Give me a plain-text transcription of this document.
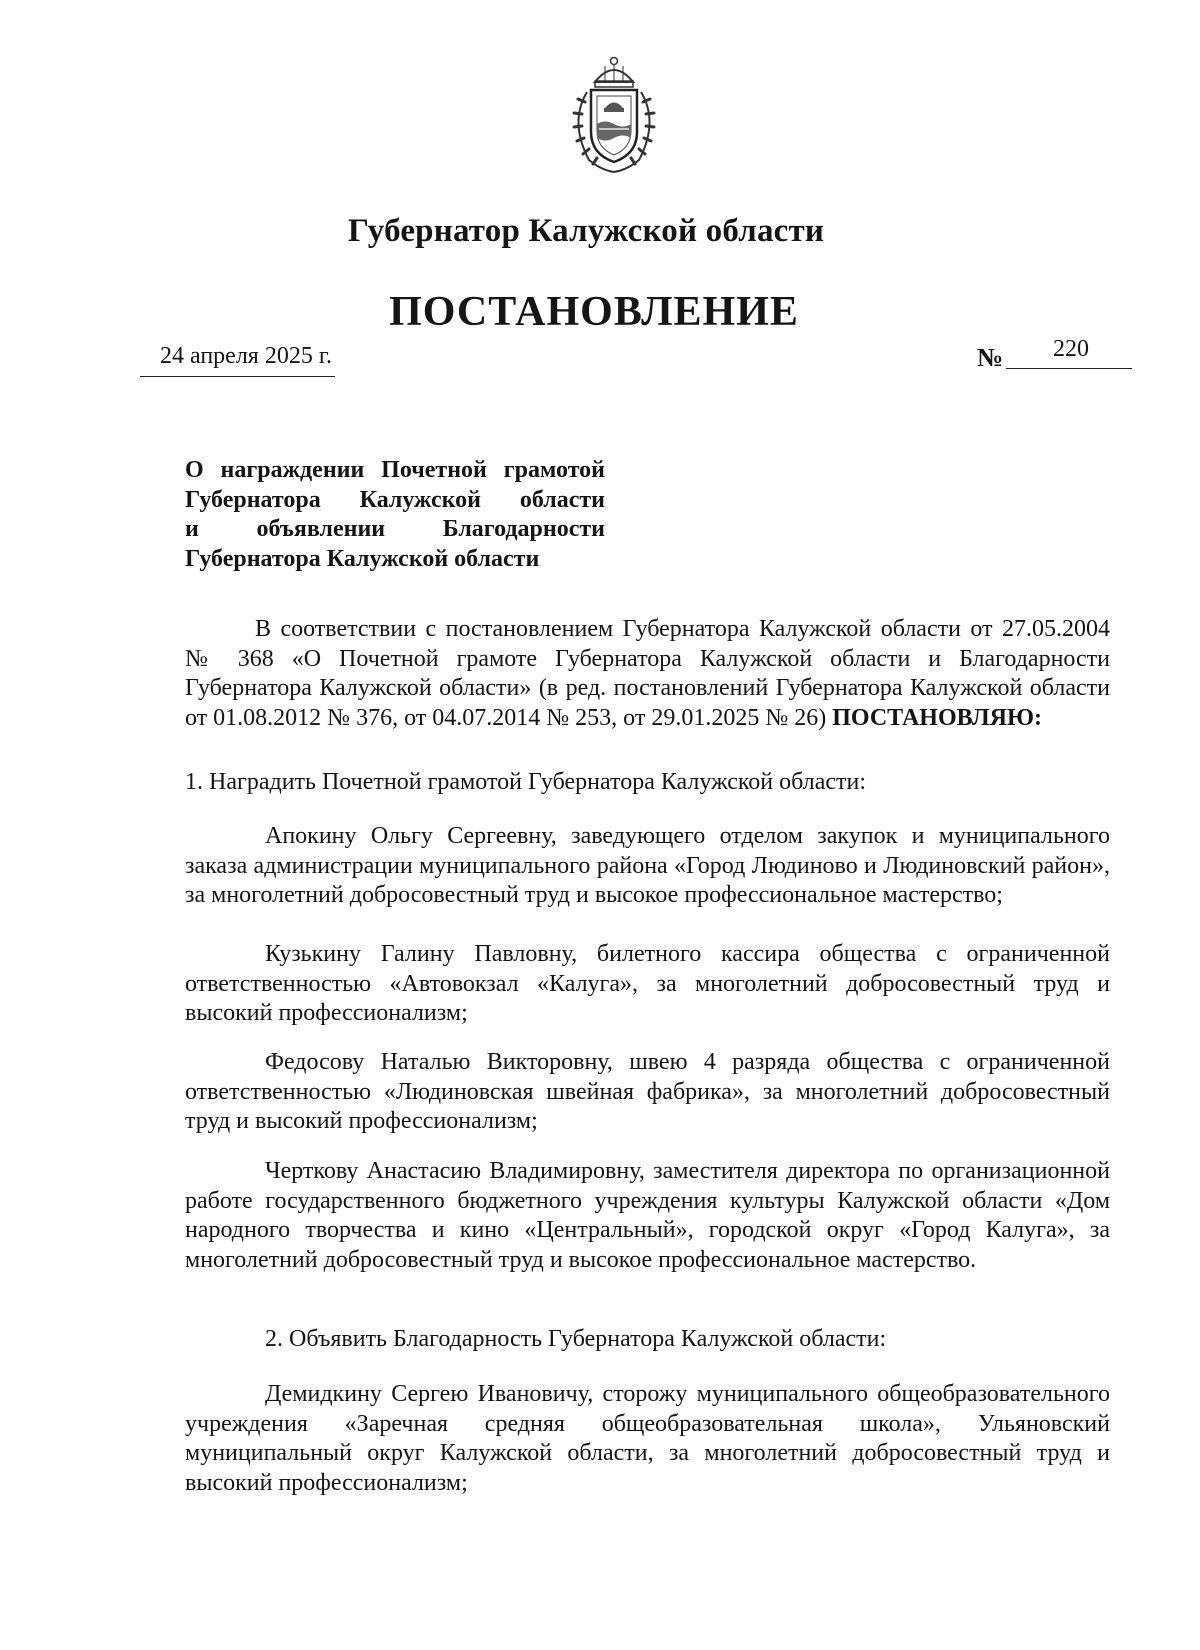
Губернатор Калужской области
ПОСТАНОВЛЕНИЕ
24 апреля 2025 г.	№ 220
О награждении Почетной грамотой
Губернатора Калужской области
и объявлении Благодарности
Губернатора Калужской области

В соответствии с постановлением Губернатора Калужской области от 27.05.2004 № 368 «О Почетной грамоте Губернатора Калужской области и Благодарности Губернатора Калужской области» (в ред. постановлений Губернатора Калужской области от 01.08.2012 № 376, от 04.07.2014 № 253, от 29.01.2025 № 26) ПОСТАНОВЛЯЮ:

1. Наградить Почетной грамотой Губернатора Калужской области:

Апокину Ольгу Сергеевну, заведующего отделом закупок и муниципального заказа администрации муниципального района «Город Людиново и Людиновский район», за многолетний добросовестный труд и высокое профессиональное мастерство;

Кузькину Галину Павловну, билетного кассира общества с ограниченной ответственностью «Автовокзал «Калуга», за многолетний добросовестный труд и высокий профессионализм;

Федосову Наталью Викторовну, швею 4 разряда общества с ограниченной ответственностью «Людиновская швейная фабрика», за многолетний добросовестный труд и высокий профессионализм;

Черткову Анастасию Владимировну, заместителя директора по организационной работе государственного бюджетного учреждения культуры Калужской области «Дом народного творчества и кино «Центральный», городской округ «Город Калуга», за многолетний добросовестный труд и высокое профессиональное мастерство.

2. Объявить Благодарность Губернатора Калужской области:

Демидкину Сергею Ивановичу, сторожу муниципального общеобразовательного учреждения «Заречная средняя общеобразовательная школа», Ульяновский муниципальный округ Калужской области, за многолетний добросовестный труд и высокий профессионализм;
